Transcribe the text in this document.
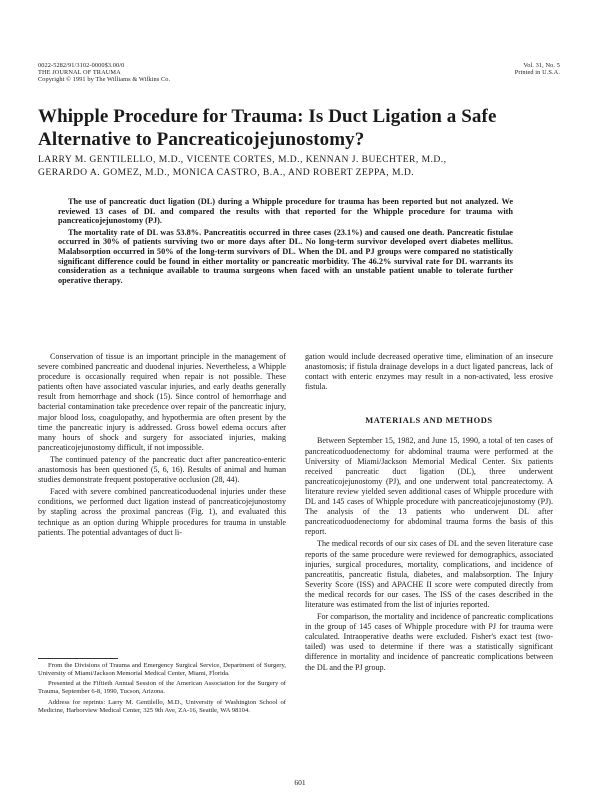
0022-5282/91/3102-0000$3.00/0
THE JOURNAL OF TRAUMA
Copyright © 1991 by The Williams & Wilkins Co.
Vol. 31, No. 5
Printed in U.S.A.
Whipple Procedure for Trauma: Is Duct Ligation a Safe Alternative to Pancreaticojejunostomy?
LARRY M. GENTILELLO, M.D., VICENTE CORTES, M.D., KENNAN J. BUECHTER, M.D.,
GERARDO A. GOMEZ, M.D., MONICA CASTRO, B.A., AND ROBERT ZEPPA, M.D.

The use of pancreatic duct ligation (DL) during a Whipple procedure for trauma has been reported but not analyzed. We reviewed 13 cases of DL and compared the results with that reported for the Whipple procedure for trauma with pancreaticojejunostomy (PJ).

The mortality rate of DL was 53.8%. Pancreatitis occurred in three cases (23.1%) and caused one death. Pancreatic fistulae occurred in 30% of patients surviving two or more days after DL. No long-term survivor developed overt diabetes mellitus. Malabsorption occurred in 50% of the long-term survivors of DL. When the DL and PJ groups were compared no statistically significant difference could be found in either mortality or pancreatic morbidity. The 46.2% survival rate for DL warrants its consideration as a technique available to trauma surgeons when faced with an unstable patient unable to tolerate further operative therapy.

Conservation of tissue is an important principle in the management of severe combined pancreatic and duodenal injuries. Nevertheless, a Whipple procedure is occasionally required when repair is not possible. These patients often have associated vascular injuries, and early deaths generally result from hemorrhage and shock (15). Since control of hemorrhage and bacterial contamination take precedence over repair of the pancreatic injury, major blood loss, coagulopathy, and hypothermia are often present by the time the pancreatic injury is addressed. Gross bowel edema occurs after many hours of shock and surgery for associated injuries, making pancreaticojejunostomy difficult, if not impossible.

The continued patency of the pancreatic duct after pancreatico-enteric anastomosis has been questioned (5, 6, 16). Results of animal and human studies demonstrate frequent postoperative occlusion (28, 44).

Faced with severe combined pancreaticoduodenal injuries under these conditions, we performed duct ligation instead of pancreaticojejunostomy by stapling across the proximal pancreas (Fig. 1), and evaluated this technique as an option during Whipple procedures for trauma in unstable patients. The potential advantages of duct li-

gation would include decreased operative time, elimination of an insecure anastomosis; if fistula drainage develops in a duct ligated pancreas, lack of contact with enteric enzymes may result in a non-activated, less erosive fistula.

MATERIALS AND METHODS

Between September 15, 1982, and June 15, 1990, a total of ten cases of pancreaticoduodenectomy for abdominal trauma were performed at the University of Miami/Jackson Memorial Medical Center. Six patients received pancreatic duct ligation (DL), three underwent pancreaticojejunostomy (PJ), and one underwent total pancreatectomy. A literature review yielded seven additional cases of Whipple procedure with DL and 145 cases of Whipple procedure with pancreaticojejunostomy (PJ). The analysis of the 13 patients who underwent DL after pancreaticoduodenectomy for abdominal trauma forms the basis of this report.

The medical records of our six cases of DL and the seven literature case reports of the same procedure were reviewed for demographics, associated injuries, surgical procedures, mortality, complications, and incidence of pancreatitis, pancreatic fistula, diabetes, and malabsorption. The Injury Severity Score (ISS) and APACHE II score were computed directly from the medical records for our cases. The ISS of the cases described in the literature was estimated from the list of injuries reported.

For comparison, the mortality and incidence of pancreatic complications in the group of 145 cases of Whipple procedure with PJ for trauma were calculated. Intraoperative deaths were excluded. Fisher's exact test (two-tailed) was used to determine if there was a statistically significant difference in mortality and incidence of pancreatic complications between the DL and the PJ group.

From the Divisions of Trauma and Emergency Surgical Service, Department of Surgery, University of Miami/Jackson Memorial Medical Center, Miami, Florida.

Presented at the Fiftieth Annual Session of the American Association for the Surgery of Trauma, September 6-8, 1990, Tucson, Arizona.

Address for reprints: Larry M. Gentilello, M.D., University of Washington School of Medicine, Harborview Medical Center, 325 9th Ave, ZA-16, Seattle, WA 98104.

601
